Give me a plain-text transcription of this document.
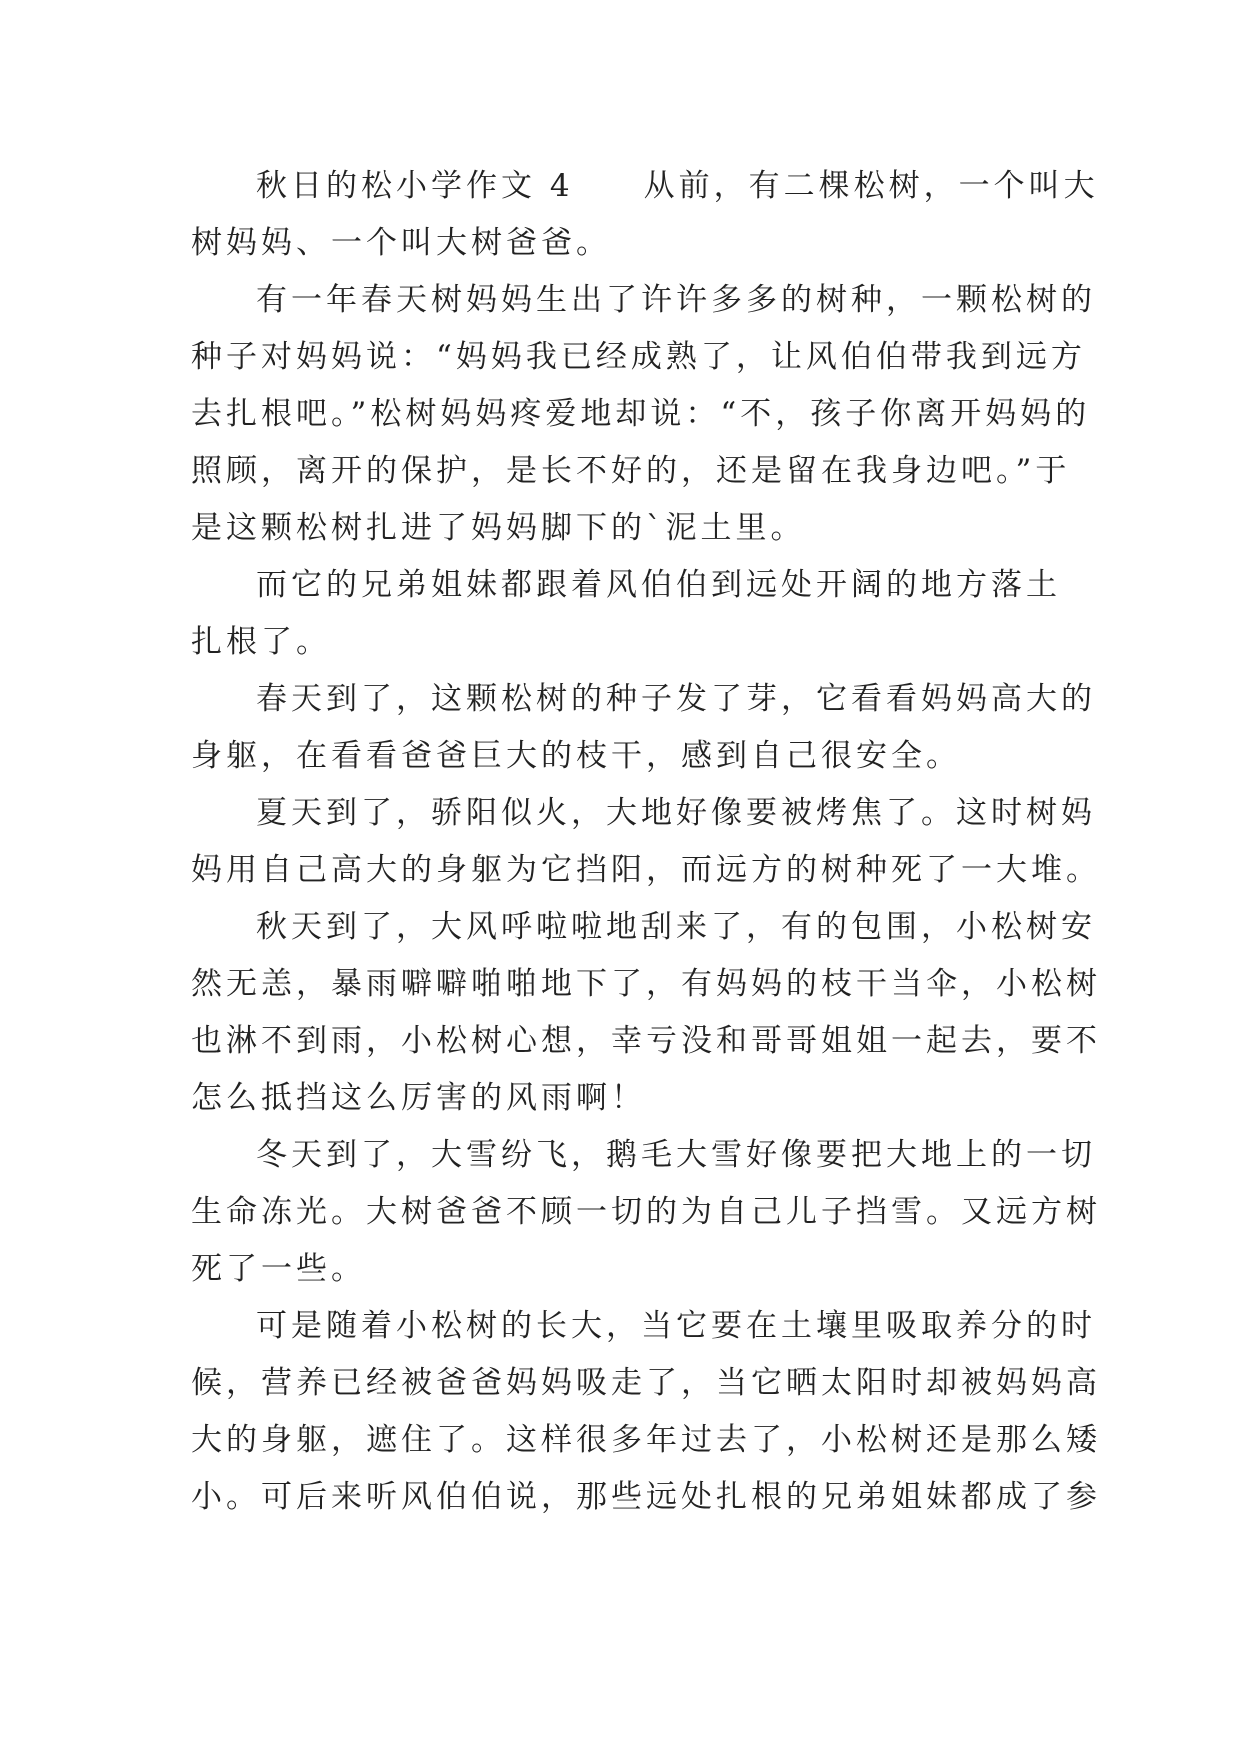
秋日的松小学作文 4　　从前，有二棵松树，一个叫大
树妈妈、一个叫大树爸爸。
有一年春天树妈妈生出了许许多多的树种，一颗松树的
种子对妈妈说：“妈妈我已经成熟了，让风伯伯带我到远方
去扎根吧。”松树妈妈疼爱地却说：“不，孩子你离开妈妈的
照顾，离开的保护，是长不好的，还是留在我身边吧。”于
是这颗松树扎进了妈妈脚下的`泥土里。
而它的兄弟姐妹都跟着风伯伯到远处开阔的地方落土
扎根了。
春天到了，这颗松树的种子发了芽，它看看妈妈高大的
身躯，在看看爸爸巨大的枝干，感到自己很安全。
夏天到了，骄阳似火，大地好像要被烤焦了。这时树妈
妈用自己高大的身躯为它挡阳，而远方的树种死了一大堆。
秋天到了，大风呼啦啦地刮来了，有的包围，小松树安
然无恙，暴雨噼噼啪啪地下了，有妈妈的枝干当伞，小松树
也淋不到雨，小松树心想，幸亏没和哥哥姐姐一起去，要不
怎么抵挡这么厉害的风雨啊！
冬天到了，大雪纷飞，鹅毛大雪好像要把大地上的一切
生命冻光。大树爸爸不顾一切的为自己儿子挡雪。又远方树
死了一些。
可是随着小松树的长大，当它要在土壤里吸取养分的时
候，营养已经被爸爸妈妈吸走了，当它晒太阳时却被妈妈高
大的身躯，遮住了。这样很多年过去了，小松树还是那么矮
小。可后来听风伯伯说，那些远处扎根的兄弟姐妹都成了参
